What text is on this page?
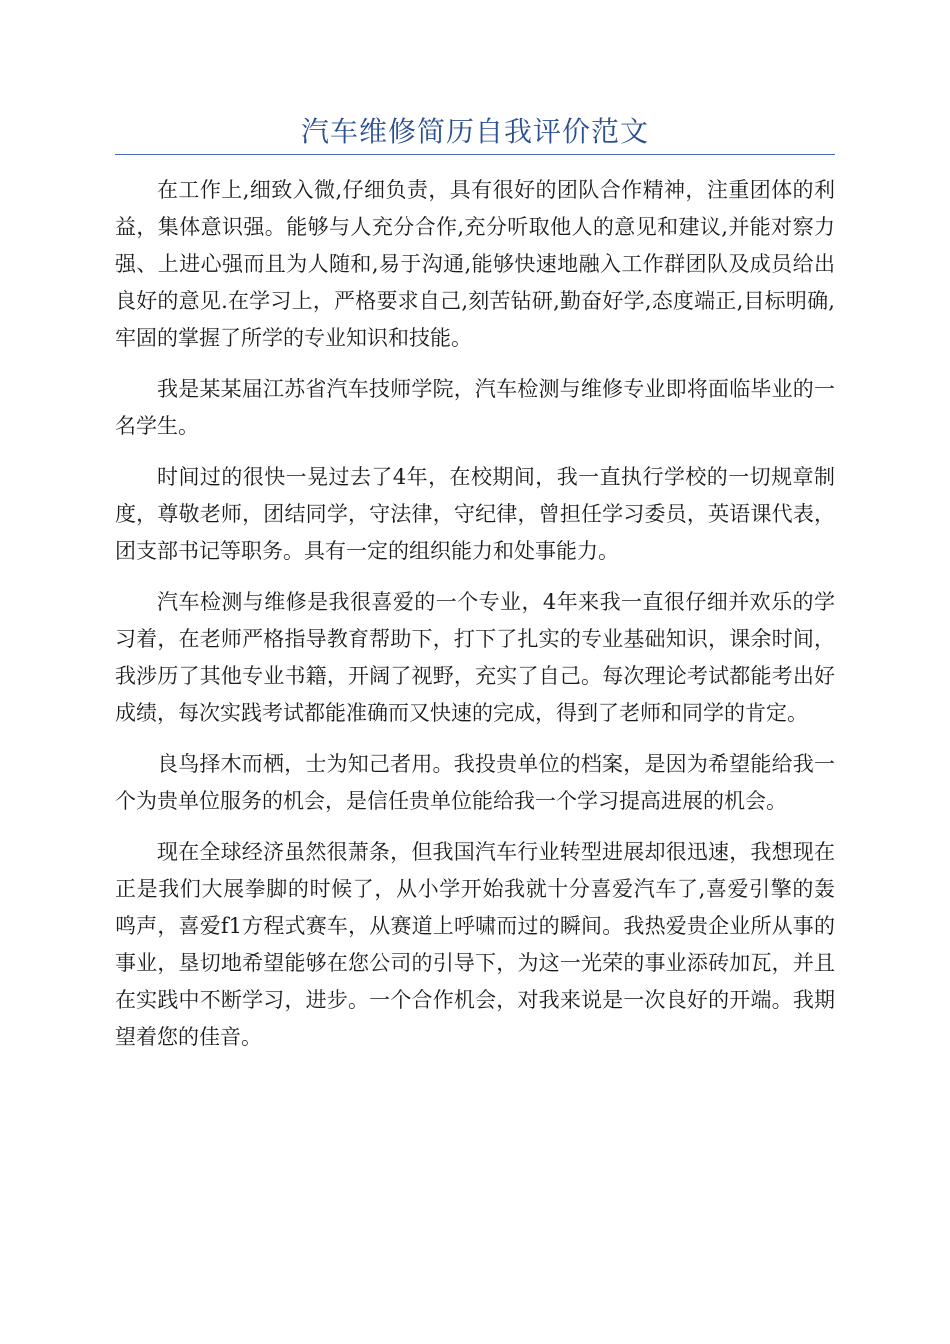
汽车维修简历自我评价范文

在工作上,细致入微,仔细负责，具有很好的团队合作精神，注重团体的利益，集体意识强。能够与人充分合作,充分听取他人的意见和建议,并能对察力强、上进心强而且为人随和,易于沟通,能够快速地融入工作群团队及成员给出良好的意见.在学习上，严格要求自己,刻苦钻研,勤奋好学,态度端正,目标明确,牢固的掌握了所学的专业知识和技能。

我是某某届江苏省汽车技师学院，汽车检测与维修专业即将面临毕业的一名学生。

时间过的很快一晃过去了4年，在校期间，我一直执行学校的一切规章制度，尊敬老师，团结同学，守法律，守纪律，曾担任学习委员，英语课代表，团支部书记等职务。具有一定的组织能力和处事能力。

汽车检测与维修是我很喜爱的一个专业，4年来我一直很仔细并欢乐的学习着，在老师严格指导教育帮助下，打下了扎实的专业基础知识，课余时间，我涉历了其他专业书籍，开阔了视野，充实了自己。每次理论考试都能考出好成绩，每次实践考试都能准确而又快速的完成，得到了老师和同学的肯定。

良鸟择木而栖，士为知己者用。我投贵单位的档案，是因为希望能给我一个为贵单位服务的机会，是信任贵单位能给我一个学习提高进展的机会。

现在全球经济虽然很萧条，但我国汽车行业转型进展却很迅速，我想现在正是我们大展拳脚的时候了，从小学开始我就十分喜爱汽车了,喜爱引擎的轰鸣声，喜爱f1方程式赛车，从赛道上呼啸而过的瞬间。我热爱贵企业所从事的事业，垦切地希望能够在您公司的引导下，为这一光荣的事业添砖加瓦，并且在实践中不断学习，进步。一个合作机会，对我来说是一次良好的开端。我期望着您的佳音。
